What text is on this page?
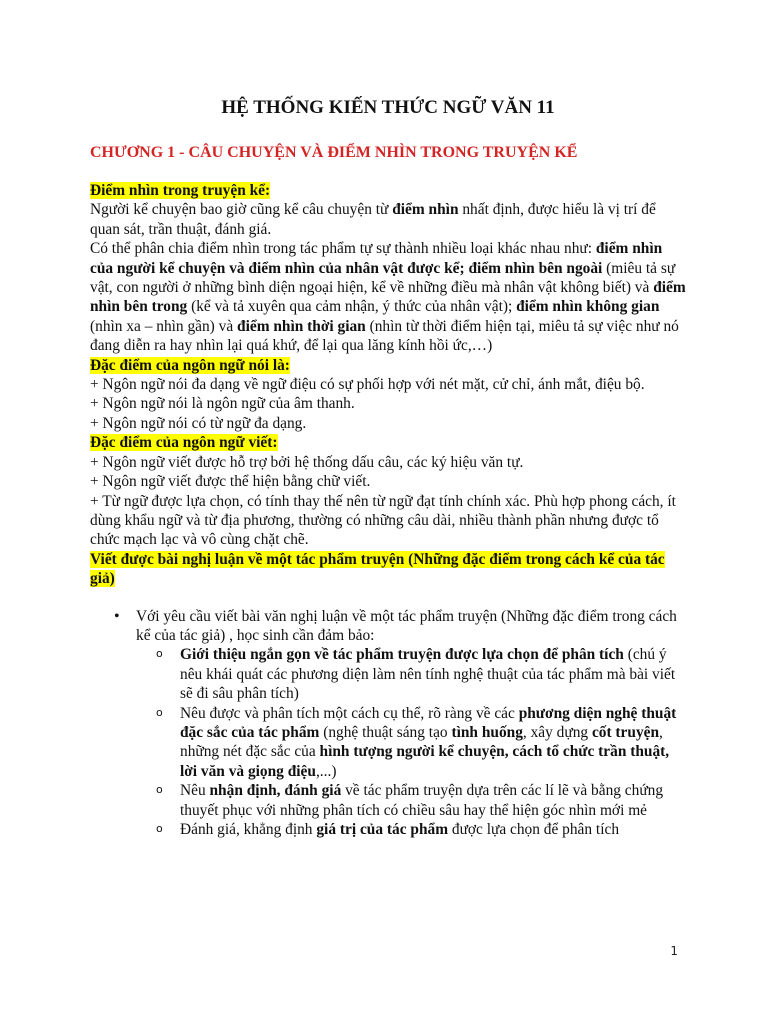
HỆ THỐNG KIẾN THỨC NGỮ VĂN 11
CHƯƠNG 1 - CÂU CHUYỆN VÀ ĐIỂM NHÌN TRONG TRUYỆN KỂ
Điểm nhìn trong truyện kể:

Người kể chuyện bao giờ cũng kể câu chuyện từ điểm nhìn nhất định, được hiểu là vị trí để quan sát, trần thuật, đánh giá.

Có thể phân chia điểm nhìn trong tác phẩm tự sự thành nhiều loại khác nhau như: điểm nhìn của người kể chuyện và điểm nhìn của nhân vật được kể; điểm nhìn bên ngoài (miêu tả sự vật, con người ở những bình diện ngoại hiện, kể về những điều mà nhân vật không biết) và điểm nhìn bên trong (kể và tả xuyên qua cảm nhận, ý thức của nhân vật); điểm nhìn không gian (nhìn xa – nhìn gần) và điểm nhìn thời gian (nhìn từ thời điểm hiện tại, miêu tả sự việc như nó đang diễn ra hay nhìn lại quá khứ, để lại qua lăng kính hồi ức,…)

Đặc điểm của ngôn ngữ nói là:

+ Ngôn ngữ nói đa dạng về ngữ điệu có sự phối hợp với nét mặt, cử chỉ, ánh mắt, điệu bộ.

+ Ngôn ngữ nói là ngôn ngữ của âm thanh.

+ Ngôn ngữ nói có từ ngữ đa dạng.

Đặc điểm của ngôn ngữ viết:

+ Ngôn ngữ viết được hỗ trợ bởi hệ thống dấu câu, các ký hiệu văn tự.

+ Ngôn ngữ viết được thể hiện bằng chữ viết.

+ Từ ngữ được lựa chọn, có tính thay thế nên từ ngữ đạt tính chính xác. Phù hợp phong cách, ít dùng khẩu ngữ và từ địa phương, thường có những câu dài, nhiều thành phần nhưng được tổ chức mạch lạc và vô cùng chặt chẽ.

Viết được bài nghị luận về một tác phẩm truyện (Những đặc điểm trong cách kể của tác giả)
• Với yêu cầu viết bài văn nghị luận về một tác phẩm truyện (Những đặc điểm trong cách kể của tác giả) , học sinh cần đảm bảo:
o Giới thiệu ngắn gọn về tác phẩm truyện được lựa chọn để phân tích (chú ý nêu khái quát các phương diện làm nên tính nghệ thuật của tác phẩm mà bài viết sẽ đi sâu phân tích)
o Nêu được và phân tích một cách cụ thể, rõ ràng về các phương diện nghệ thuật đặc sắc của tác phẩm (nghệ thuật sáng tạo tình huống, xây dựng cốt truyện, những nét đặc sắc của hình tượng người kể chuyện, cách tổ chức trần thuật, lời văn và giọng điệu,...)
o Nêu nhận định, đánh giá về tác phẩm truyện dựa trên các lí lẽ và bằng chứng thuyết phục với những phân tích có chiều sâu hay thể hiện góc nhìn mới mẻ
o Đánh giá, khẳng định giá trị của tác phẩm được lựa chọn để phân tích
1
